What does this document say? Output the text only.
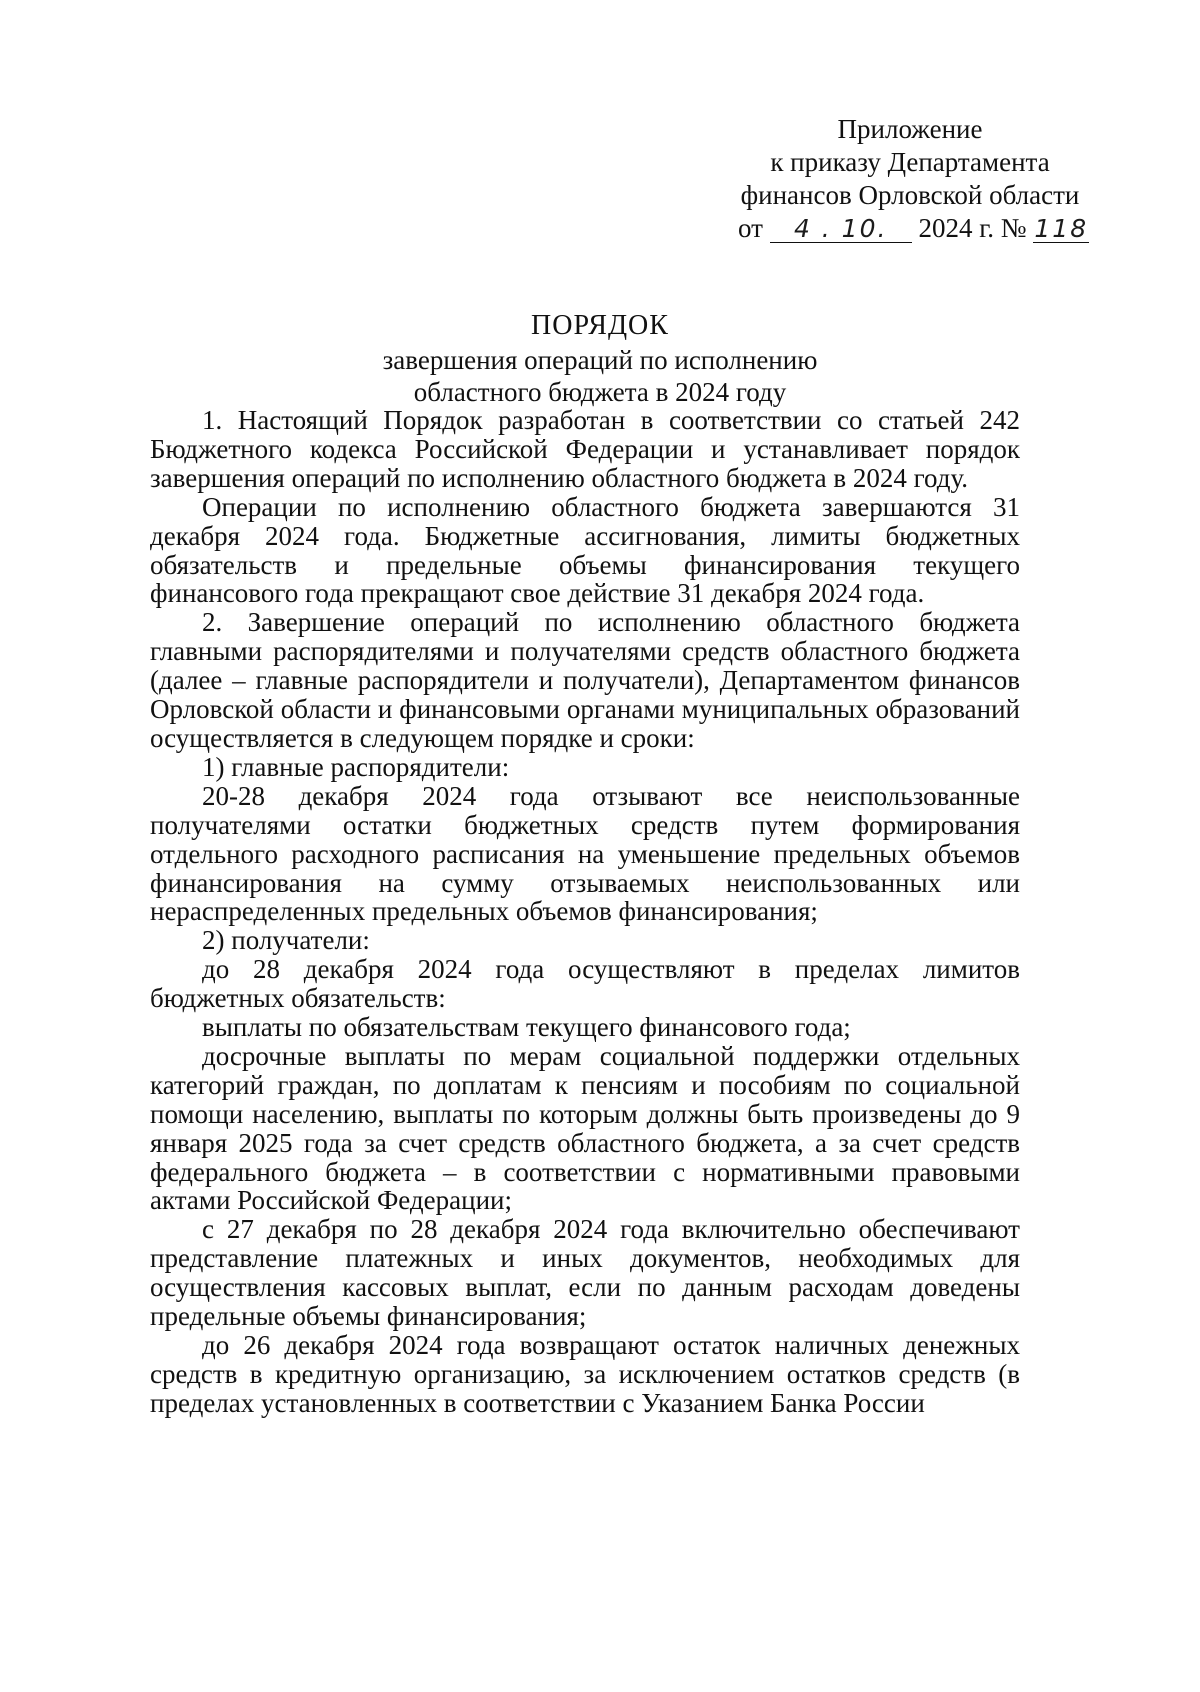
Приложение
к приказу Департамента
финансов Орловской области
от 4 . 10. 2024 г. № 118
ПОРЯДОК
завершения операций по исполнению
областного бюджета в 2024 году

1. Настоящий Порядок разработан в соответствии со статьей 242 Бюджетного кодекса Российской Федерации и устанавливает порядок завершения операций по исполнению областного бюджета в 2024 году.

Операции по исполнению областного бюджета завершаются 31 декабря 2024 года. Бюджетные ассигнования, лимиты бюджетных обязательств и предельные объемы финансирования текущего финансового года прекращают свое действие 31 декабря 2024 года.

2. Завершение операций по исполнению областного бюджета главными распорядителями и получателями средств областного бюджета (далее – главные распорядители и получатели), Департаментом финансов Орловской области и финансовыми органами муниципальных образований осуществляется в следующем порядке и сроки:

1) главные распорядители:

20-28 декабря 2024 года отзывают все неиспользованные получателями остатки бюджетных средств путем формирования отдельного расходного расписания на уменьшение предельных объемов финансирования на сумму отзываемых неиспользованных или нераспределенных предельных объемов финансирования;

2) получатели:

до 28 декабря 2024 года осуществляют в пределах лимитов бюджетных обязательств:

выплаты по обязательствам текущего финансового года;

досрочные выплаты по мерам социальной поддержки отдельных категорий граждан, по доплатам к пенсиям и пособиям по социальной помощи населению, выплаты по которым должны быть произведены до 9 января 2025 года за счет средств областного бюджета, а за счет средств федерального бюджета – в соответствии с нормативными правовыми актами Российской Федерации;

с 27 декабря по 28 декабря 2024 года включительно обеспечивают представление платежных и иных документов, необходимых для осуществления кассовых выплат, если по данным расходам доведены предельные объемы финансирования;

до 26 декабря 2024 года возвращают остаток наличных денежных средств в кредитную организацию, за исключением остатков средств (в пределах установленных в соответствии с Указанием Банка России
